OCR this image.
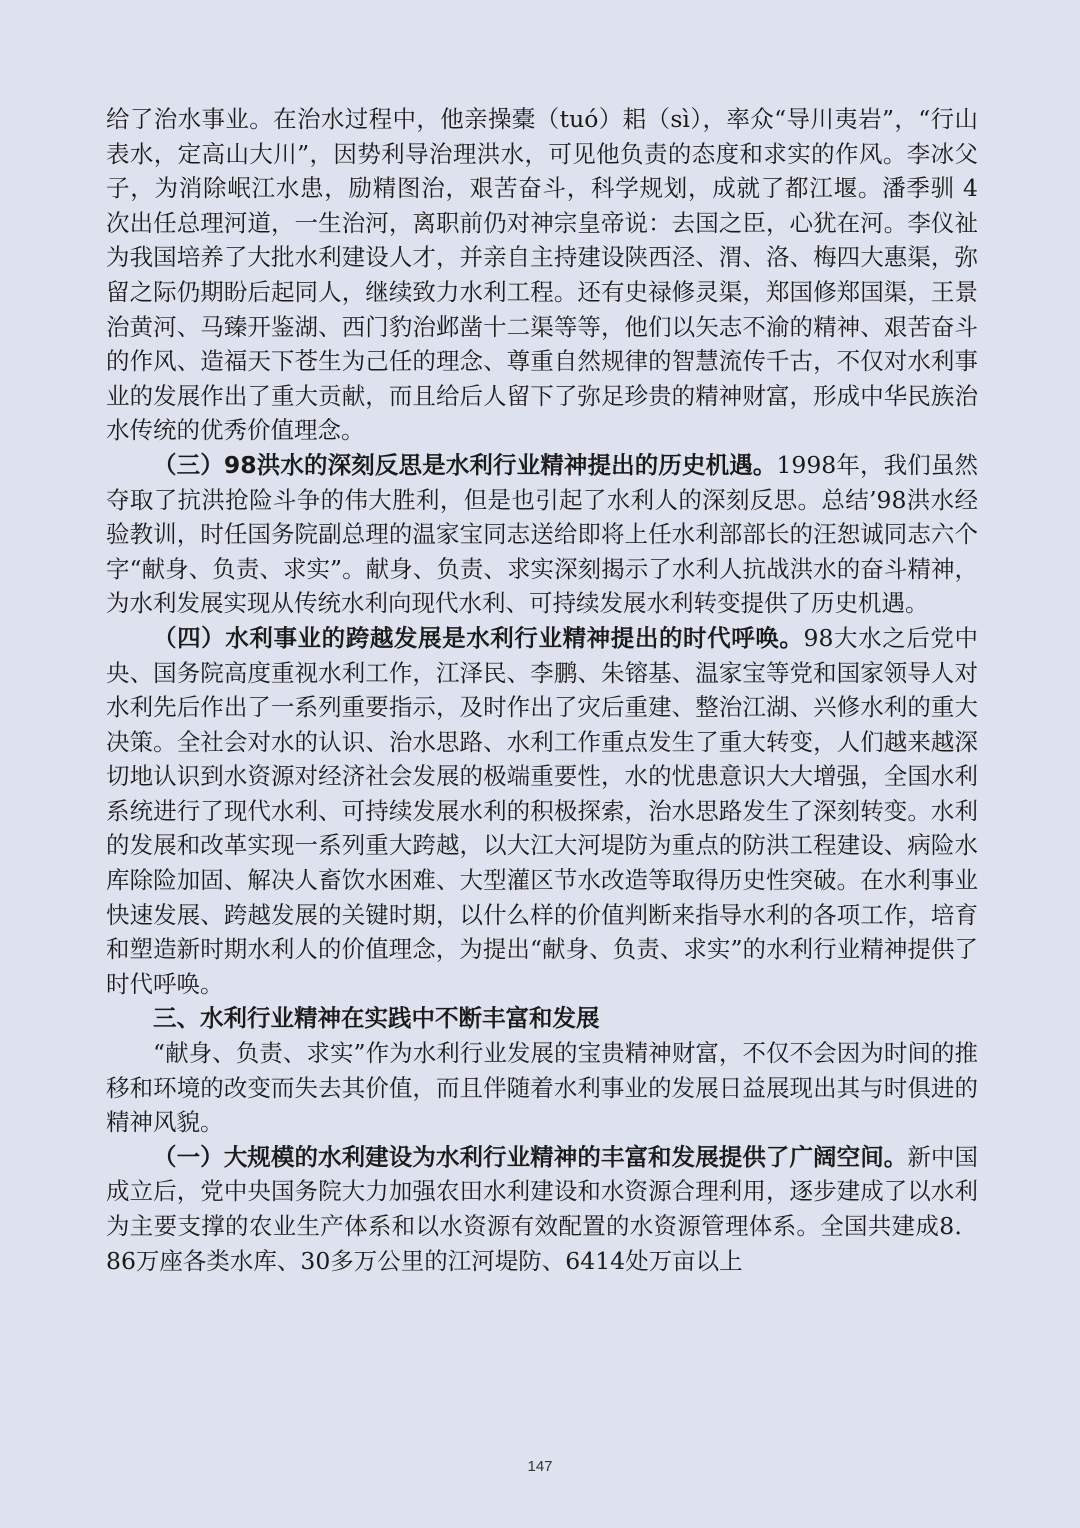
给了治水事业。在治水过程中，他亲操橐（tuó）耜（sì），率众“导川夷岩”，“行山表水，定高山大川”，因势利导治理洪水，可见他负责的态度和求实的作风。李冰父子，为消除岷江水患，励精图治，艰苦奋斗，科学规划，成就了都江堰。潘季驯 4 次出任总理河道，一生治河，离职前仍对神宗皇帝说：去国之臣，心犹在河。李仪祉为我国培养了大批水利建设人才，并亲自主持建设陕西泾、渭、洛、梅四大惠渠，弥留之际仍期盼后起同人，继续致力水利工程。还有史禄修灵渠，郑国修郑国渠，王景治黄河、马臻开鉴湖、西门豹治邺凿十二渠等等，他们以矢志不渝的精神、艰苦奋斗的作风、造福天下苍生为己任的理念、尊重自然规律的智慧流传千古，不仅对水利事业的发展作出了重大贡献，而且给后人留下了弥足珍贵的精神财富，形成中华民族治水传统的优秀价值理念。

（三）98洪水的深刻反思是水利行业精神提出的历史机遇。1998年，我们虽然夺取了抗洪抢险斗争的伟大胜利，但是也引起了水利人的深刻反思。总结’98洪水经验教训，时任国务院副总理的温家宝同志送给即将上任水利部部长的汪恕诚同志六个字“献身、负责、求实”。献身、负责、求实深刻揭示了水利人抗战洪水的奋斗精神，为水利发展实现从传统水利向现代水利、可持续发展水利转变提供了历史机遇。

（四）水利事业的跨越发展是水利行业精神提出的时代呼唤。98大水之后党中央、国务院高度重视水利工作，江泽民、李鹏、朱镕基、温家宝等党和国家领导人对水利先后作出了一系列重要指示，及时作出了灾后重建、整治江湖、兴修水利的重大决策。全社会对水的认识、治水思路、水利工作重点发生了重大转变，人们越来越深切地认识到水资源对经济社会发展的极端重要性，水的忧患意识大大增强，全国水利系统进行了现代水利、可持续发展水利的积极探索，治水思路发生了深刻转变。水利的发展和改革实现一系列重大跨越，以大江大河堤防为重点的防洪工程建设、病险水库除险加固、解决人畜饮水困难、大型灌区节水改造等取得历史性突破。在水利事业快速发展、跨越发展的关键时期，以什么样的价值判断来指导水利的各项工作，培育和塑造新时期水利人的价值理念，为提出“献身、负责、求实”的水利行业精神提供了时代呼唤。

三、水利行业精神在实践中不断丰富和发展

“献身、负责、求实”作为水利行业发展的宝贵精神财富，不仅不会因为时间的推移和环境的改变而失去其价值，而且伴随着水利事业的发展日益展现出其与时俱进的精神风貌。

（一）大规模的水利建设为水利行业精神的丰富和发展提供了广阔空间。新中国成立后，党中央国务院大力加强农田水利建设和水资源合理利用，逐步建成了以水利为主要支撑的农业生产体系和以水资源有效配置的水资源管理体系。全国共建成8．86万座各类水库、30多万公里的江河堤防、6414处万亩以上

147
